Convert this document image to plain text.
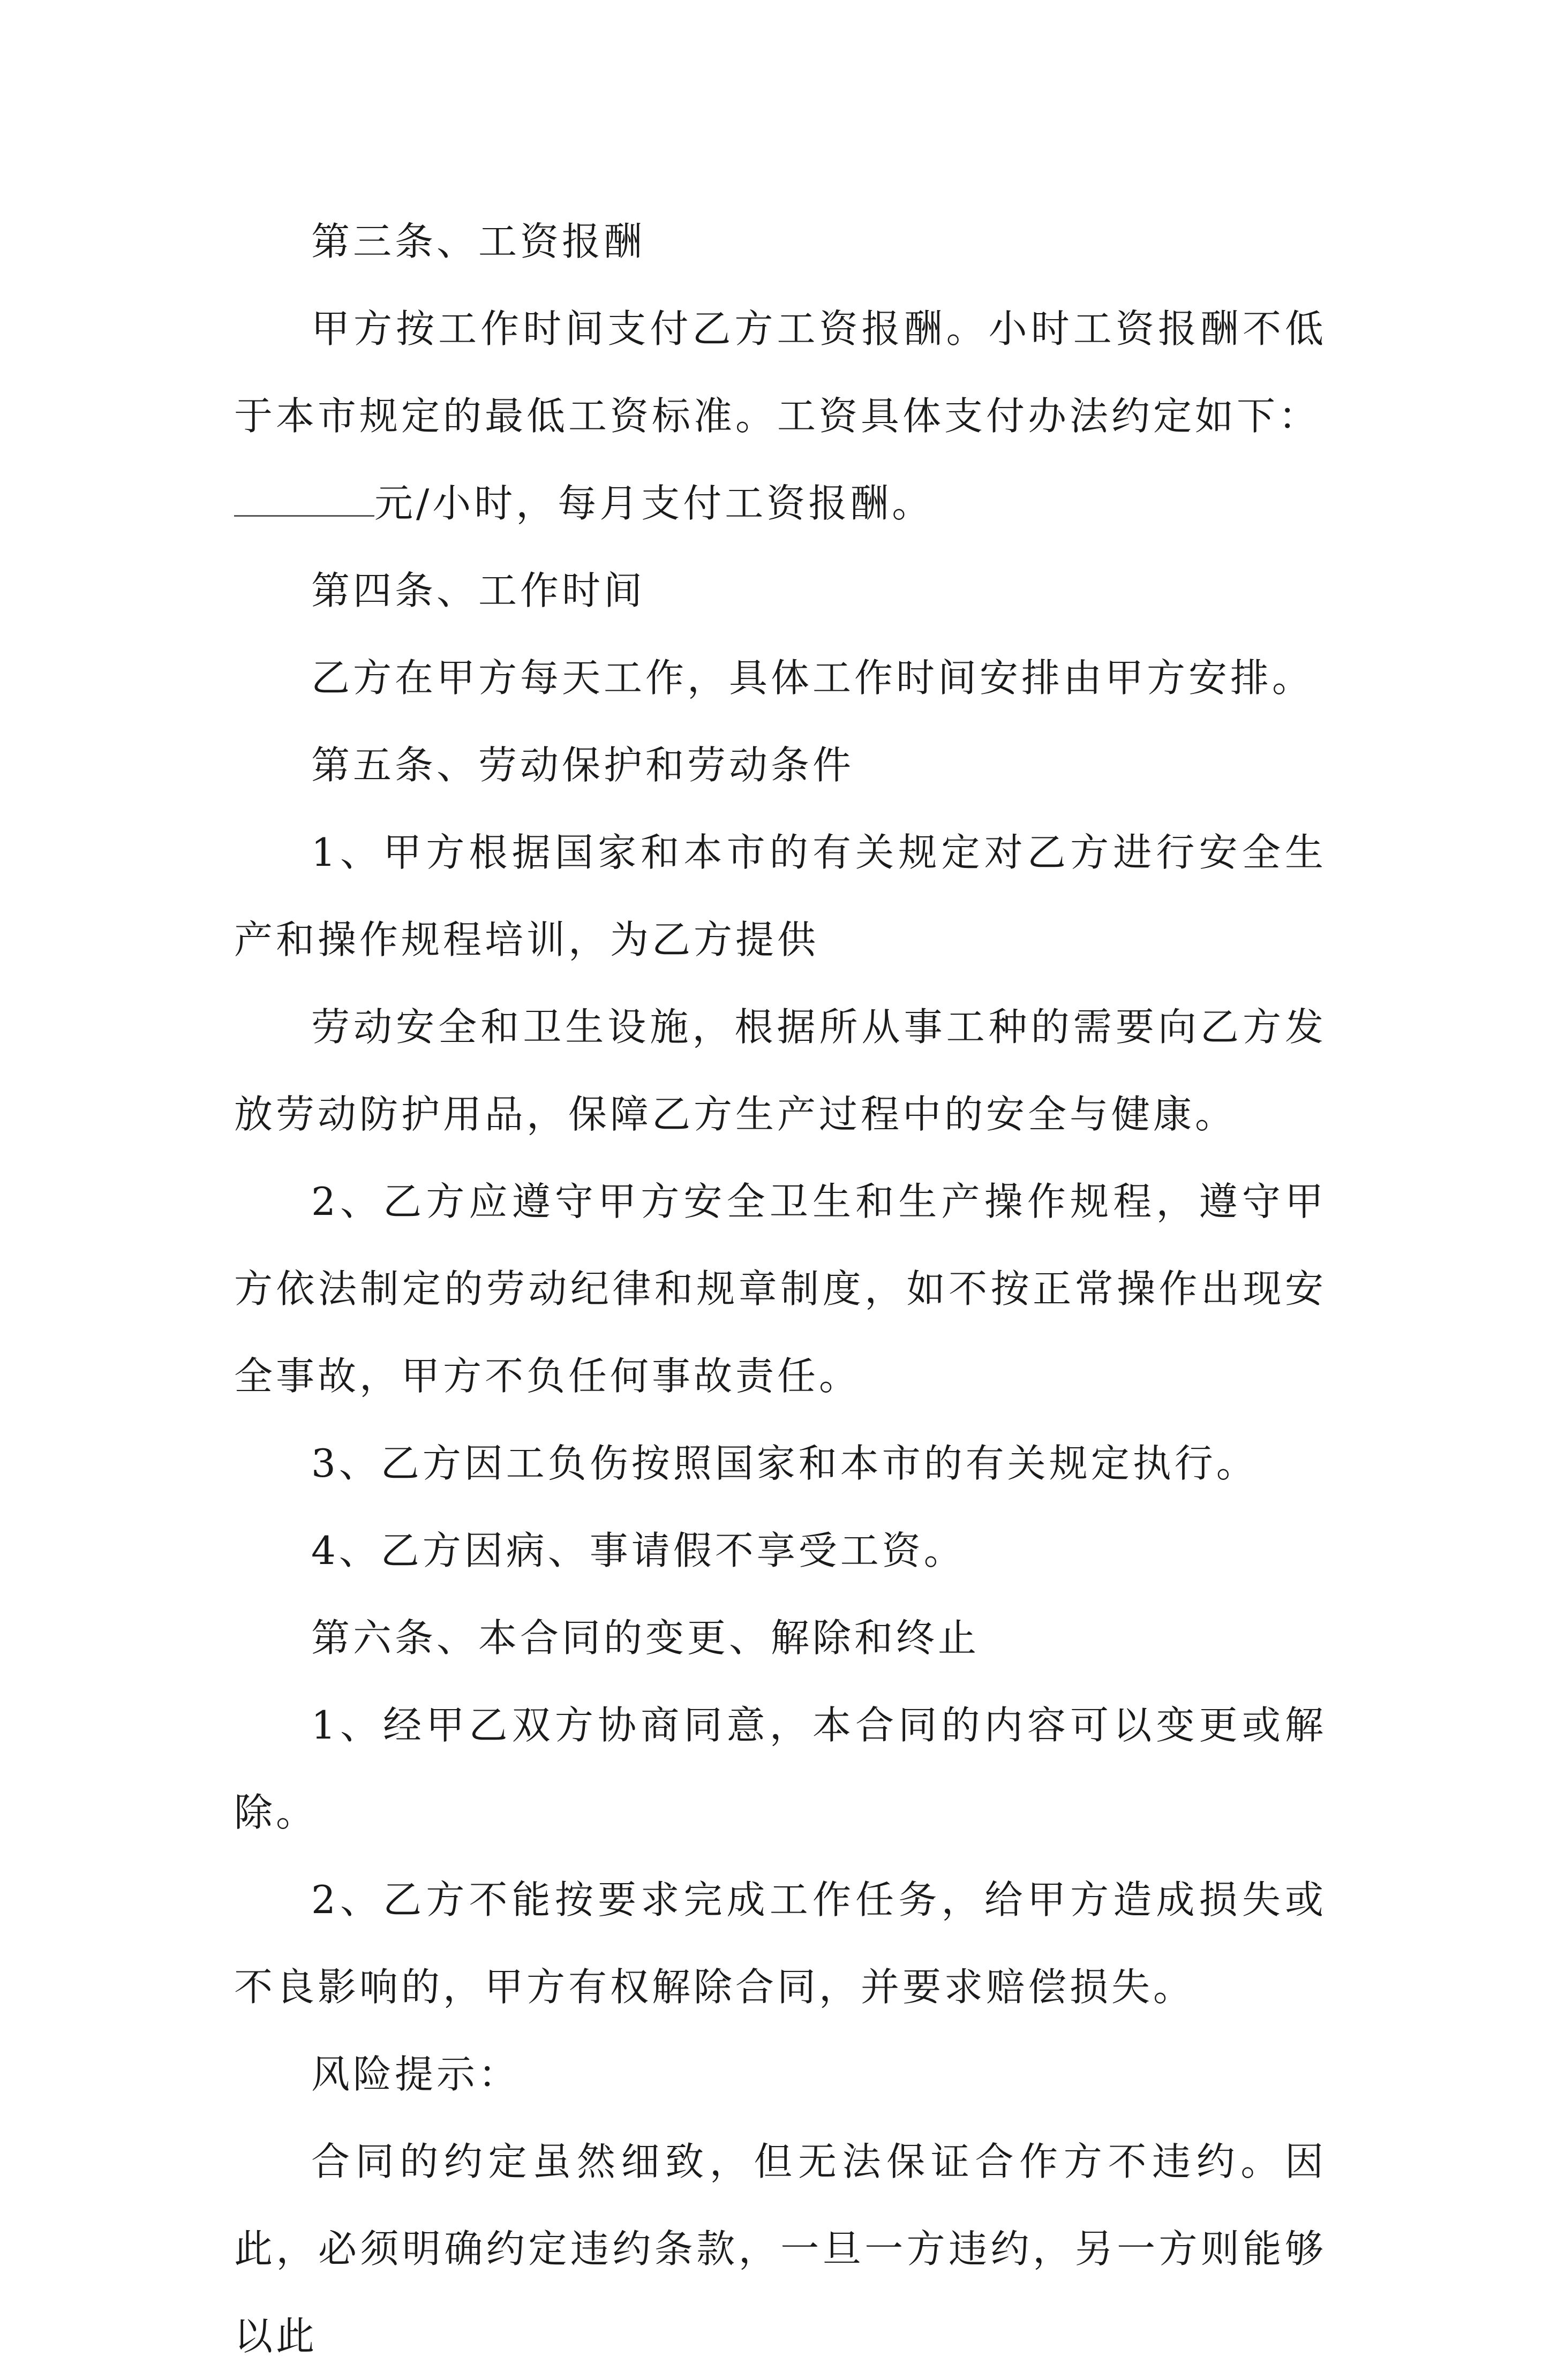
第三条、工资报酬

甲方按工作时间支付乙方工资报酬。小时工资报酬不低于本市规定的最低工资标准。工资具体支付办法约定如下：

元/小时，每月支付工资报酬。

第四条、工作时间

乙方在甲方每天工作，具体工作时间安排由甲方安排。

第五条、劳动保护和劳动条件

1、甲方根据国家和本市的有关规定对乙方进行安全生产和操作规程培训，为乙方提供

劳动安全和卫生设施，根据所从事工种的需要向乙方发放劳动防护用品，保障乙方生产过程中的安全与健康。

2、乙方应遵守甲方安全卫生和生产操作规程，遵守甲方依法制定的劳动纪律和规章制度，如不按正常操作出现安全事故，甲方不负任何事故责任。

3、乙方因工负伤按照国家和本市的有关规定执行。

4、乙方因病、事请假不享受工资。

第六条、本合同的变更、解除和终止

1、经甲乙双方协商同意，本合同的内容可以变更或解除。

2、乙方不能按要求完成工作任务，给甲方造成损失或不良影响的，甲方有权解除合同，并要求赔偿损失。

风险提示：

合同的约定虽然细致，但无法保证合作方不违约。因此，必须明确约定违约条款，一旦一方违约，另一方则能够以此
